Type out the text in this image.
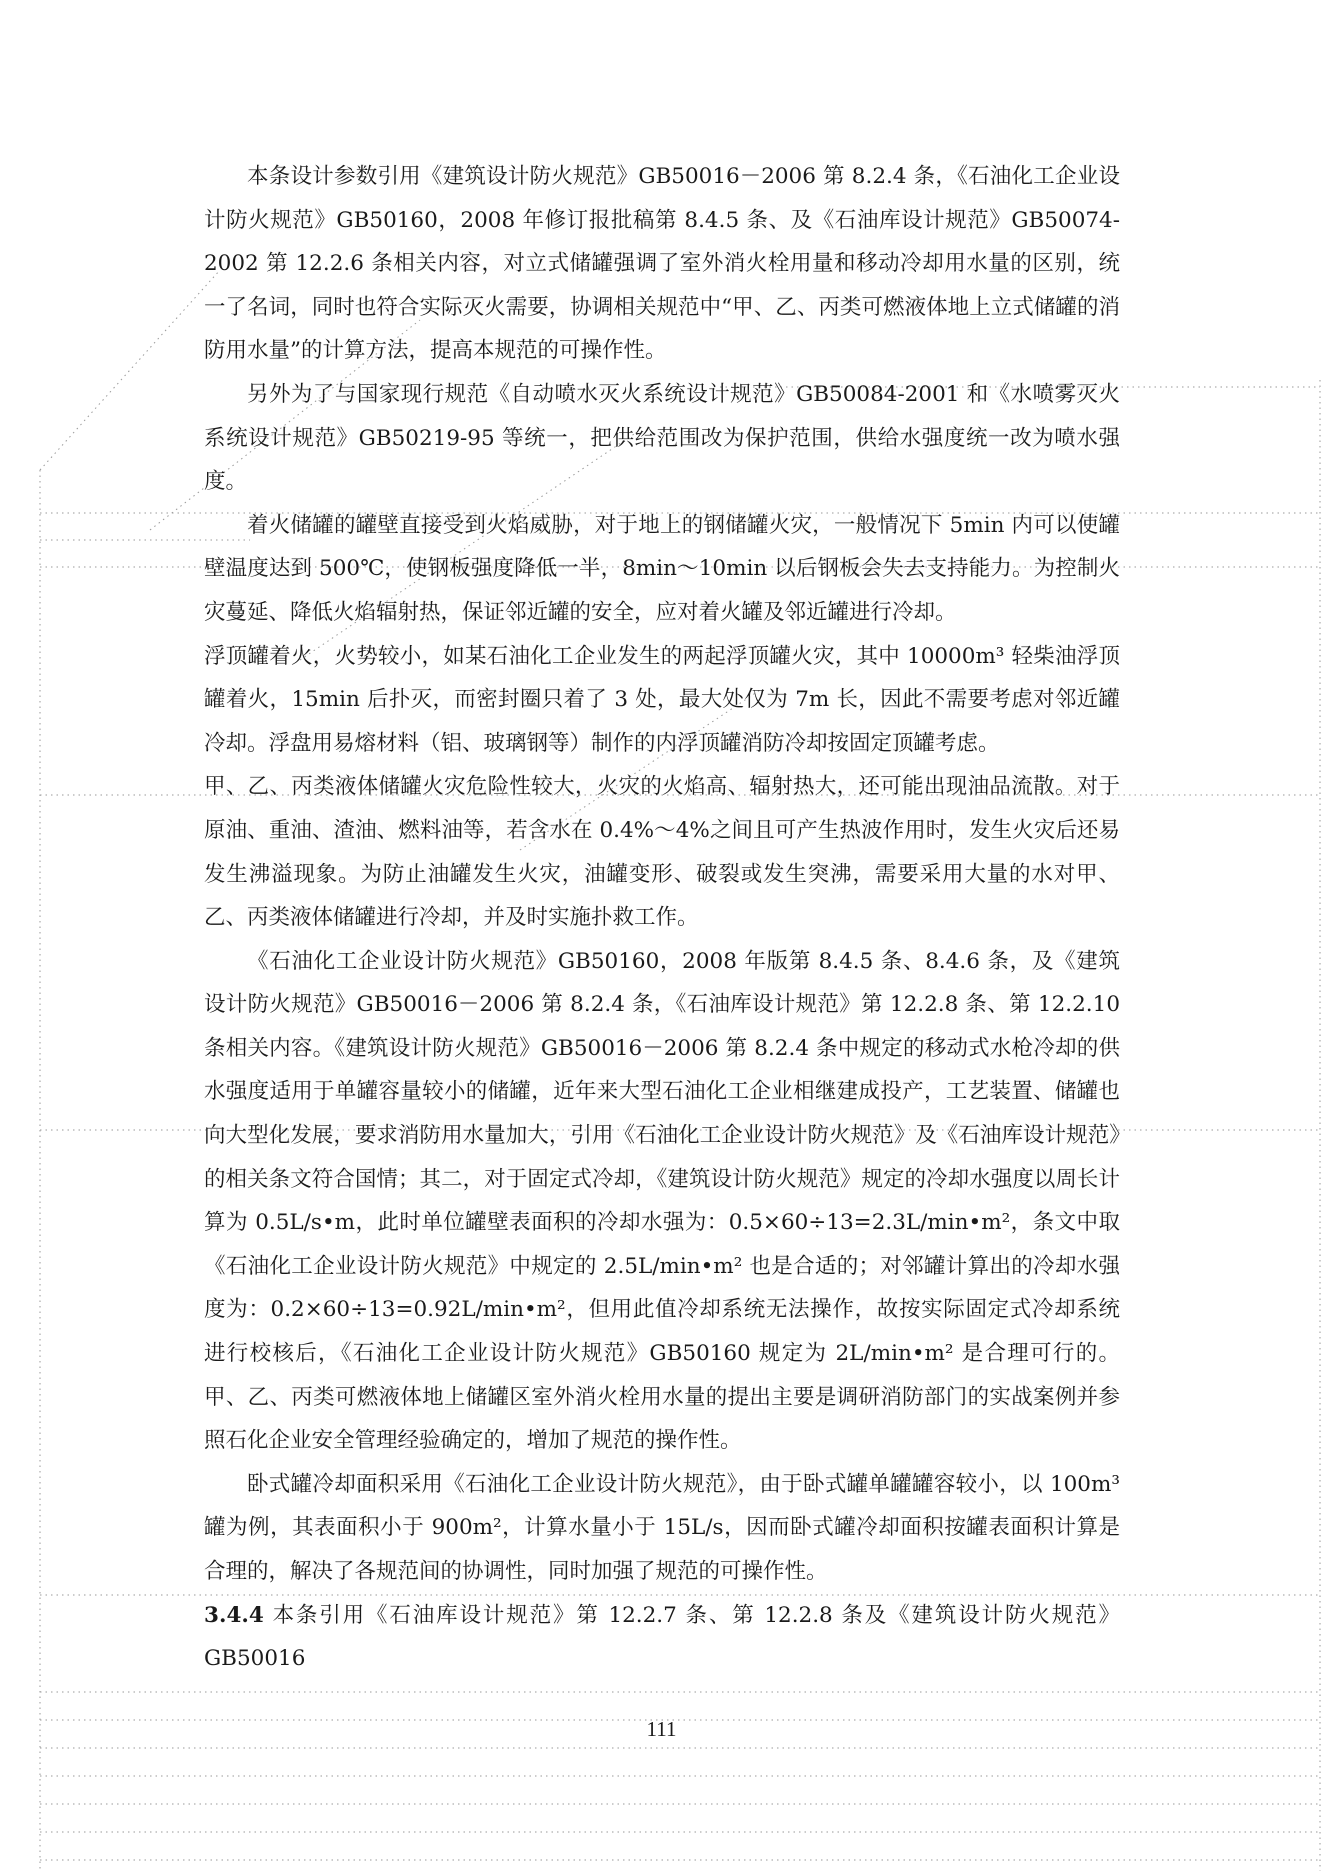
本条设计参数引用《建筑设计防火规范》GB50016－2006 第 8.2.4 条，《石油化工企业设计防火规范》GB50160，2008 年修订报批稿第 8.4.5 条、及《石油库设计规范》GB50074-2002 第 12.2.6 条相关内容，对立式储罐强调了室外消火栓用量和移动冷却用水量的区别，统一了名词，同时也符合实际灭火需要，协调相关规范中“甲、乙、丙类可燃液体地上立式储罐的消防用水量”的计算方法，提高本规范的可操作性。

另外为了与国家现行规范《自动喷水灭火系统设计规范》GB50084-2001 和《水喷雾灭火系统设计规范》GB50219-95 等统一，把供给范围改为保护范围，供给水强度统一改为喷水强度。

着火储罐的罐壁直接受到火焰威胁，对于地上的钢储罐火灾，一般情况下 5min 内可以使罐壁温度达到 500℃，使钢板强度降低一半，8min～10min 以后钢板会失去支持能力。为控制火灾蔓延、降低火焰辐射热，保证邻近罐的安全，应对着火罐及邻近罐进行冷却。

浮顶罐着火，火势较小，如某石油化工企业发生的两起浮顶罐火灾，其中 10000m³ 轻柴油浮顶罐着火，15min 后扑灭，而密封圈只着了 3 处，最大处仅为 7m 长，因此不需要考虑对邻近罐冷却。浮盘用易熔材料（铝、玻璃钢等）制作的内浮顶罐消防冷却按固定顶罐考虑。

甲、乙、丙类液体储罐火灾危险性较大，火灾的火焰高、辐射热大，还可能出现油品流散。对于原油、重油、渣油、燃料油等，若含水在 0.4%～4%之间且可产生热波作用时，发生火灾后还易发生沸溢现象。为防止油罐发生火灾，油罐变形、破裂或发生突沸，需要采用大量的水对甲、乙、丙类液体储罐进行冷却，并及时实施扑救工作。

《石油化工企业设计防火规范》GB50160，2008 年版第 8.4.5 条、8.4.6 条，及《建筑设计防火规范》GB50016－2006 第 8.2.4 条，《石油库设计规范》第 12.2.8 条、第 12.2.10 条相关内容。《建筑设计防火规范》GB50016－2006 第 8.2.4 条中规定的移动式水枪冷却的供水强度适用于单罐容量较小的储罐，近年来大型石油化工企业相继建成投产，工艺装置、储罐也向大型化发展，要求消防用水量加大，引用《石油化工企业设计防火规范》及《石油库设计规范》的相关条文符合国情；其二，对于固定式冷却，《建筑设计防火规范》规定的冷却水强度以周长计算为 0.5L/s•m，此时单位罐壁表面积的冷却水强为：0.5×60÷13=2.3L/min•m²，条文中取《石油化工企业设计防火规范》中规定的 2.5L/min•m² 也是合适的；对邻罐计算出的冷却水强度为：0.2×60÷13=0.92L/min•m²，但用此值冷却系统无法操作，故按实际固定式冷却系统进行校核后，《石油化工企业设计防火规范》GB50160 规定为 2L/min•m² 是合理可行的。甲、乙、丙类可燃液体地上储罐区室外消火栓用水量的提出主要是调研消防部门的实战案例并参照石化企业安全管理经验确定的，增加了规范的操作性。

卧式罐冷却面积采用《石油化工企业设计防火规范》，由于卧式罐单罐罐容较小，以 100m³ 罐为例，其表面积小于 900m²，计算水量小于 15L/s，因而卧式罐冷却面积按罐表面积计算是合理的，解决了各规范间的协调性，同时加强了规范的可操作性。

3.4.4 本条引用《石油库设计规范》第 12.2.7 条、第 12.2.8 条及《建筑设计防火规范》GB50016

111
